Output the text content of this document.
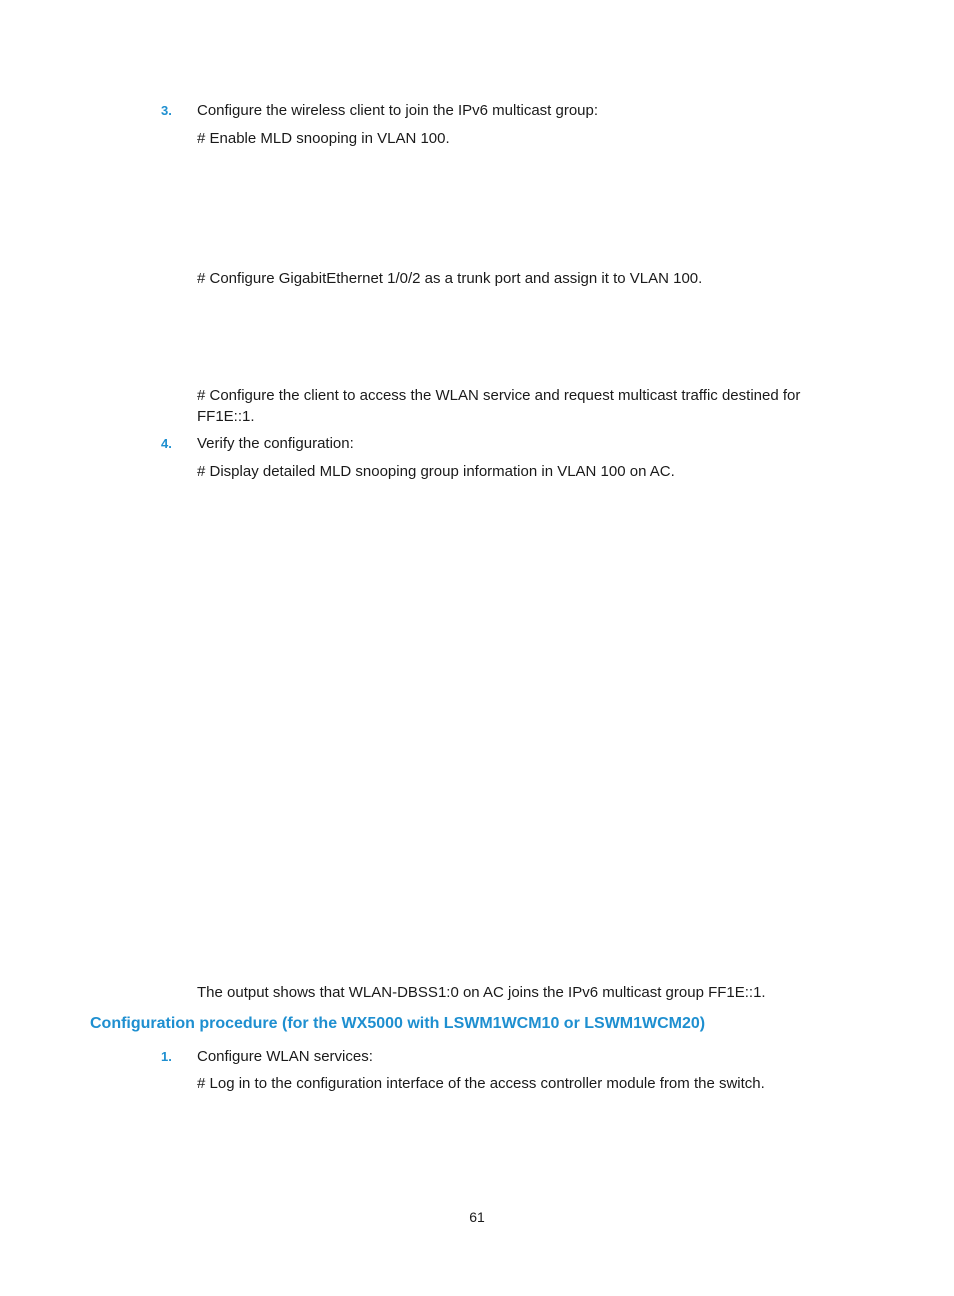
3. Configure the wireless client to join the IPv6 multicast group:
# Enable MLD snooping in VLAN 100.
# Configure GigabitEthernet 1/0/2 as a trunk port and assign it to VLAN 100.
# Configure the client to access the WLAN service and request multicast traffic destined for FF1E::1.
4. Verify the configuration:
# Display detailed MLD snooping group information in VLAN 100 on AC.
The output shows that WLAN-DBSS1:0 on AC joins the IPv6 multicast group FF1E::1.
Configuration procedure (for the WX5000 with LSWM1WCM10 or LSWM1WCM20)
1. Configure WLAN services:
# Log in to the configuration interface of the access controller module from the switch.
61
